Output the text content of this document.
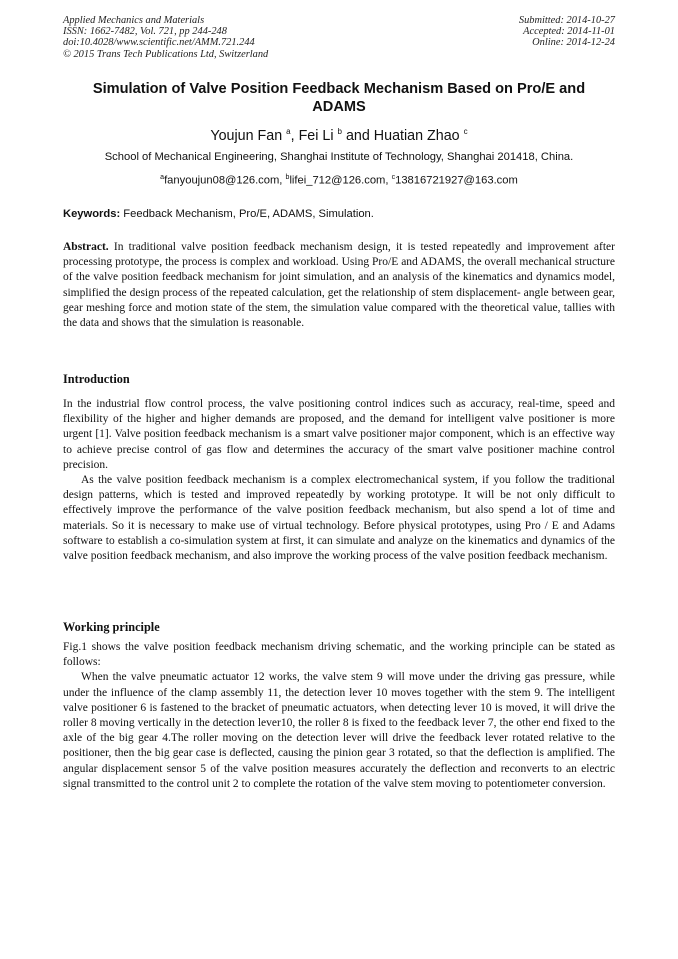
Applied Mechanics and Materials
ISSN: 1662-7482, Vol. 721, pp 244-248
doi:10.4028/www.scientific.net/AMM.721.244
© 2015 Trans Tech Publications Ltd, Switzerland
Submitted: 2014-10-27
Accepted: 2014-11-01
Online: 2014-12-24
Simulation of Valve Position Feedback Mechanism Based on Pro/E and
ADAMS
Youjun Fan $^a$, Fei Li $^b$ and Huatian Zhao $^c$
School of Mechanical Engineering, Shanghai Institute of Technology, Shanghai 201418, China.
$^a$fanyoujun08@126.com, $^b$lifei_712@126.com, $^c$13816721927@163.com
Keywords: Feedback Mechanism, Pro/E, ADAMS, Simulation.

Abstract. In traditional valve position feedback mechanism design, it is tested repeatedly and improvement after processing prototype, the process is complex and workload. Using Pro/E and ADAMS, the overall mechanical structure of the valve position feedback mechanism for joint simulation, and an analysis of the kinematics and dynamics model, simplified the design process of the repeated calculation, get the relationship of stem displacement- angle between gear, gear meshing force and motion state of the stem, the simulation value compared with the theoretical value, tallies with the data and shows that the simulation is reasonable.

Introduction

In the industrial flow control process, the valve positioning control indices such as accuracy, real-time, speed and flexibility of the higher and higher demands are proposed, and the demand for intelligent valve positioner is more urgent [1]. Valve position feedback mechanism is a smart valve positioner major component, which is an effective way to achieve precise control of gas flow and determines the accuracy of the smart valve positioner machine control precision.

As the valve position feedback mechanism is a complex electromechanical system, if you follow the traditional design patterns, which is tested and improved repeatedly by working prototype. It will be not only difficult to effectively improve the performance of the valve position feedback mechanism, but also spend a lot of time and materials. So it is necessary to make use of virtual technology. Before physical prototypes, using Pro / E and Adams software to establish a co-simulation system at first, it can simulate and analyze on the kinematics and dynamics of the valve position feedback mechanism, and also improve the working process of the valve position feedback mechanism.

Working principle

Fig.1 shows the valve position feedback mechanism driving schematic, and the working principle can be stated as follows:

When the valve pneumatic actuator 12 works, the valve stem 9 will move under the driving gas pressure, while under the influence of the clamp assembly 11, the detection lever 10 moves together with the stem 9. The intelligent valve positioner 6 is fastened to the bracket of pneumatic actuators, when detecting lever 10 is moved, it will drive the roller 8 moving vertically in the detection lever10, the roller 8 is fixed to the feedback lever 7, the other end fixed to the axle of the big gear 4.The roller moving on the detection lever will drive the feedback lever rotated relative to the positioner, then the big gear case is deflected, causing the pinion gear 3 rotated, so that the deflection is amplified. The angular displacement sensor 5 of the valve position measures accurately the deflection and reconverts to an electric signal transmitted to the control unit 2 to complete the rotation of the valve stem moving to potentiometer conversion.
